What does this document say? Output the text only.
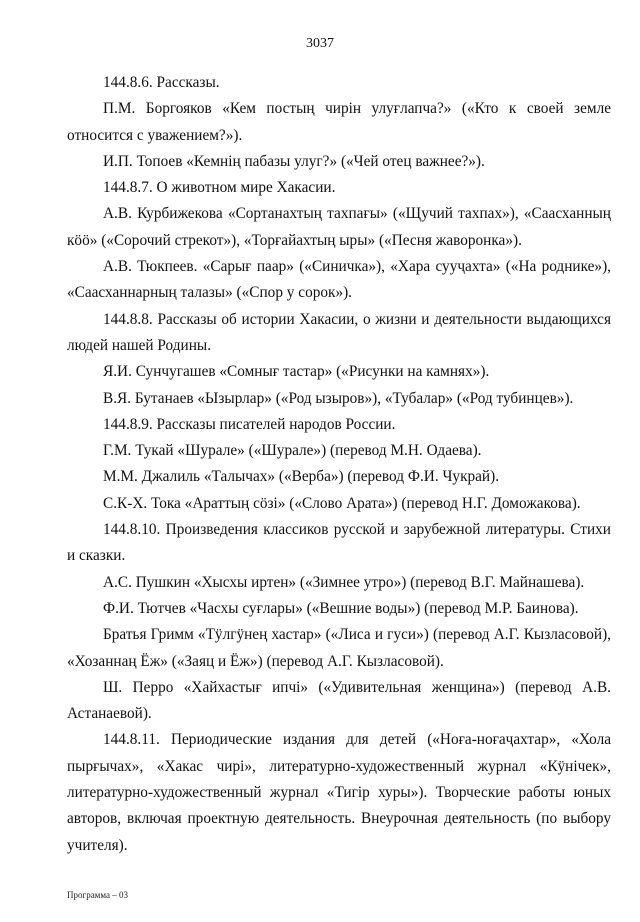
3037

144.8.6. Рассказы.

П.М. Боргояков «Кем постың чирін улуғлапча?» («Кто к своей земле относится с уважением?»).

И.П. Топоев «Кемнің пабазы улуг?» («Чей отец важнее?»).

144.8.7. О животном мире Хакасии.

А.В. Курбижекова «Сортанахтың тахпағы» («Щучий тахпах»), «Саасханның кӧӧ» («Сорочий стрекот»), «Торғайахтың ыры» («Песня жаворонка»).

А.В. Тюкпеев. «Сарығ паар» («Синичка»), «Хара сууҷахта» («На роднике»), «Саасханнарның талазы» («Спор у сорок»).

144.8.8. Рассказы об истории Хакасии, о жизни и деятельности выдающихся людей нашей Родины.

Я.И. Сунчугашев «Сомнығ тастар» («Рисунки на камнях»).

В.Я. Бутанаев «Ызырлар» («Род ызыров»), «Тубалар» («Род тубинцев»).

144.8.9. Рассказы писателей народов России.

Г.М. Тукай «Шурале» («Шурале») (перевод М.Н. Одаева).

М.М. Джалиль «Талычах» («Верба») (перевод Ф.И. Чукрай).

С.К-Х. Тока «Араттың сӧзі» («Слово Арата») (перевод Н.Г. Доможакова).

144.8.10. Произведения классиков русской и зарубежной литературы. Стихи и сказки.

А.С. Пушкин «Хысхы иртен» («Зимнее утро») (перевод В.Г. Майнашева).

Ф.И. Тютчев «Часхы суғлары» («Вешние воды») (перевод М.Р. Баинова).

Братья Гримм «Тӱлгӱнең хастар» («Лиса и гуси») (перевод А.Г. Кызласовой), «Хозаннаң Ёж» («Заяц и Ёж») (перевод А.Г. Кызласовой).

Ш. Перро «Хайхастығ ипчі» («Удивительная женщина») (перевод А.В. Астанаевой).

144.8.11. Периодические издания для детей («Ноға-ноғаҷахтар», «Хола пырғычах», «Хакас чирі», литературно-художественный журнал «Кӱнічек», литературно-художественный журнал «Тигір хуры»). Творческие работы юных авторов, включая проектную деятельность. Внеурочная деятельность (по выбору учителя).

Программа – 03
